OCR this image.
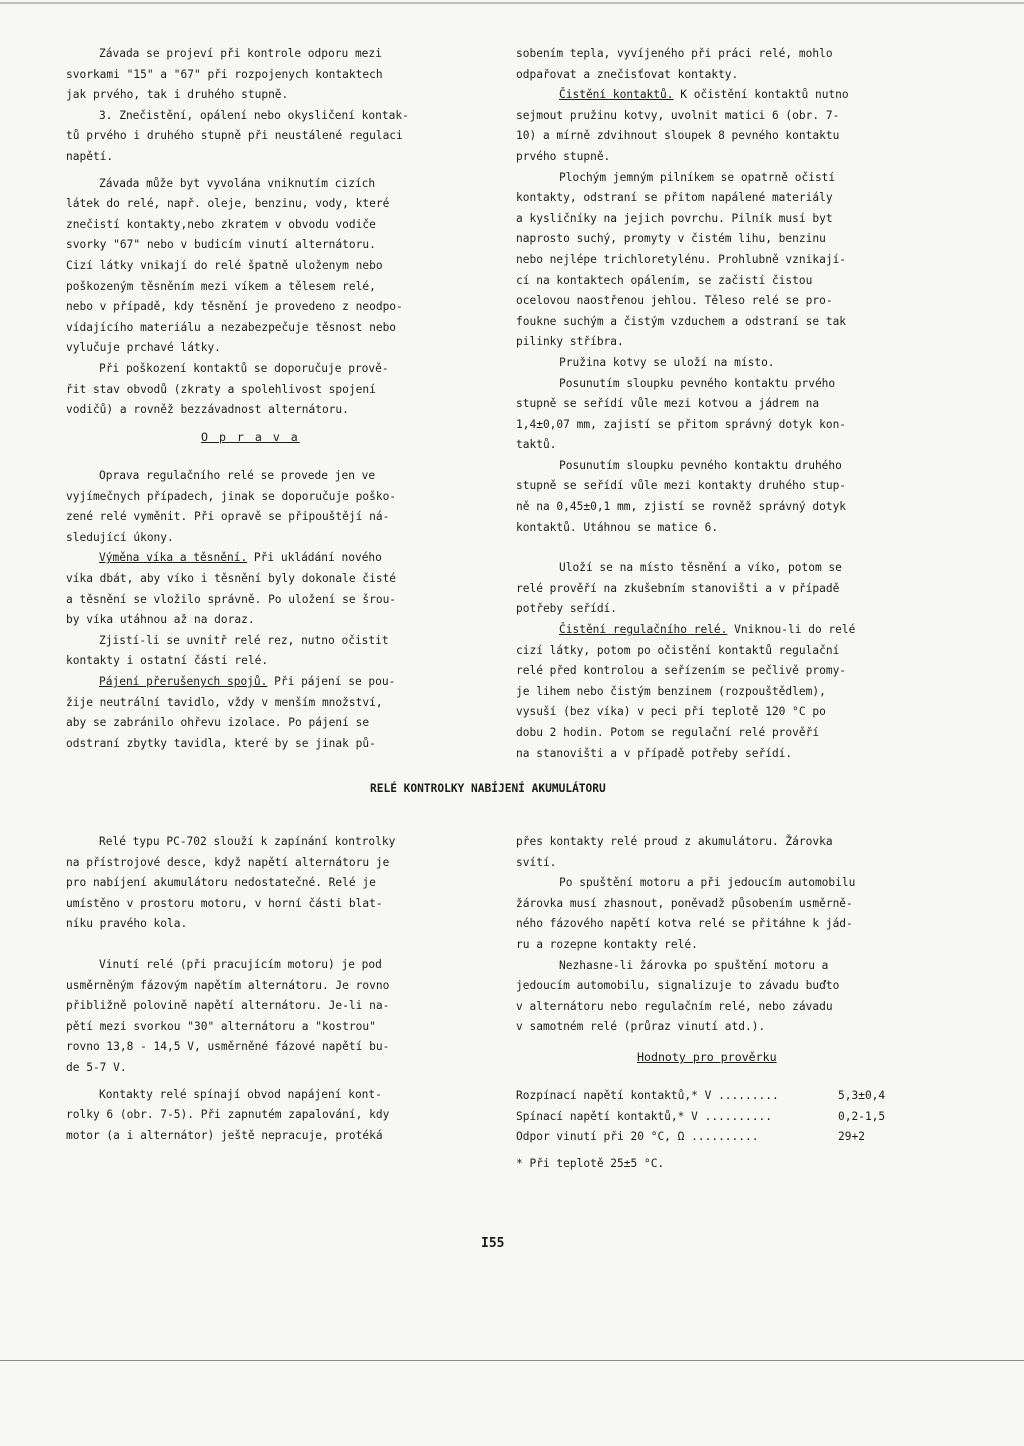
Závada se projeví při kontrole odporu mezi

svorkami "15" a "67" při rozpojenych kontaktech

jak prvého, tak i druhého stupně.

3. Znečistění, opálení nebo okysličení kontak-

tů prvého i druhého stupně při neustálené regulaci

napětí.

Závada může byt vyvolána vniknutím cizích

látek do relé, např. oleje, benzinu, vody, které

znečistí kontakty,nebo zkratem v obvodu vodiče

svorky "67" nebo v budicím vinutí alternátoru.

Cizí látky vnikají do relé špatně uloženym nebo

poškozeným těsněním mezi víkem a tělesem relé,

nebo v případě, kdy těsnění je provedeno z neodpo-

vídajícího materiálu a nezabezpečuje těsnost nebo

vylučuje prchavé látky.

Při poškození kontaktů se doporučuje prově-

řit stav obvodů (zkraty a spolehlivost spojení

vodičů) a rovněž bezzávadnost alternátoru.

O p r a v a

Oprava regulačního relé se provede jen ve

vyjímečnych případech, jinak se doporučuje poško-

zené relé vyměnit. Při opravě se připouštějí ná-

sledující úkony.

Výměna víka a těsnění. Při ukládání nového

víka dbát, aby víko i těsnění byly dokonale čisté

a těsnění se vložilo správně. Po uložení se šrou-

by víka utáhnou až na doraz.

Zjistí-li se uvnitř relé rez, nutno očistit

kontakty i ostatní části relé.

Pájení přerušenych spojů. Při pájení se pou-

žije neutrální tavidlo, vždy v menším množství,

aby se zabránilo ohřevu izolace. Po pájení se

odstraní zbytky tavidla, které by se jinak pů-

sobením tepla, vyvíjeného při práci relé, mohlo

odpařovat a znečisťovat kontakty.

Čistění kontaktů. K očistění kontaktů nutno

sejmout pružinu kotvy, uvolnit matici 6 (obr. 7-

10) a mírně zdvihnout sloupek 8 pevného kontaktu

prvého stupně.

Plochým jemným pilníkem se opatrně očistí

kontakty, odstraní se přitom napálené materiály

a kysličníky na jejich povrchu. Pilník musí byt

naprosto suchý, promyty v čistém lihu, benzinu

nebo nejlépe trichloretylénu. Prohlubně vznikají-

cí na kontaktech opálením, se začistí čistou

ocelovou naostřenou jehlou. Těleso relé se pro-

foukne suchým a čistým vzduchem a odstraní se tak

pilinky stříbra.

Pružina kotvy se uloží na místo.

Posunutím sloupku pevného kontaktu prvého

stupně se seřídí vůle mezi kotvou a jádrem na

1,4±0,07 mm, zajistí se přitom správný dotyk kon-

taktů.

Posunutím sloupku pevného kontaktu druhého

stupně se seřídí vůle mezi kontakty druhého stup-

ně na 0,45±0,1 mm, zjistí se rovněž správný dotyk

kontaktů. Utáhnou se matice 6.

Uloží se na místo těsnění a víko, potom se

relé prověří na zkušebním stanovišti a v případě

potřeby seřídí.

Čistění regulačního relé. Vniknou-li do relé

cizí látky, potom po očistění kontaktů regulační

relé před kontrolou a seřízením se pečlivě promy-

je lihem nebo čistým benzinem (rozpouštědlem),

vysuší (bez víka) v peci při teplotě 120 °C po

dobu 2 hodin. Potom se regulační relé prověří

na stanovišti a v případě potřeby seřídí.

RELÉ KONTROLKY NABÍJENÍ AKUMULÁTORU

Relé typu PC-702 slouží k zapínání kontrolky

na přístrojové desce, když napětí alternátoru je

pro nabíjení akumulátoru nedostatečné. Relé je

umístěno v prostoru motoru, v horní části blat-

níku pravého kola.

Vinutí relé (při pracujícím motoru) je pod

usměrněným fázovým napětím alternátoru. Je rovno

přibližně polovině napětí alternátoru. Je-li na-

pětí mezi svorkou "30" alternátoru a "kostrou"

rovno 13,8 - 14,5 V, usměrněné fázové napětí bu-

de 5-7 V.

Kontakty relé spínají obvod napájení kont-

rolky 6 (obr. 7-5). Při zapnutém zapalování, kdy

motor (a i alternátor) ještě nepracuje, protéká

přes kontakty relé proud z akumulátoru. Žárovka

svítí.

Po spuštění motoru a při jedoucím automobilu

žárovka musí zhasnout, poněvadž působením usměrně-

ného fázového napětí kotva relé se přitáhne k jád-

ru a rozepne kontakty relé.

Nezhasne-li žárovka po spuštění motoru a

jedoucím automobilu, signalizuje to závadu buďto

v alternátoru nebo regulačním relé, nebo závadu

v samotném relé (průraz vinutí atd.).

Hodnoty pro prověrku
Rozpínací napětí kontaktů,* V .........	5,3±0,4
Spínací napětí kontaktů,* V ..........	0,2-1,5
Odpor vinutí při 20 °C, Ω ..........	29+2

* Při teplotě 25±5 °C.

I55
